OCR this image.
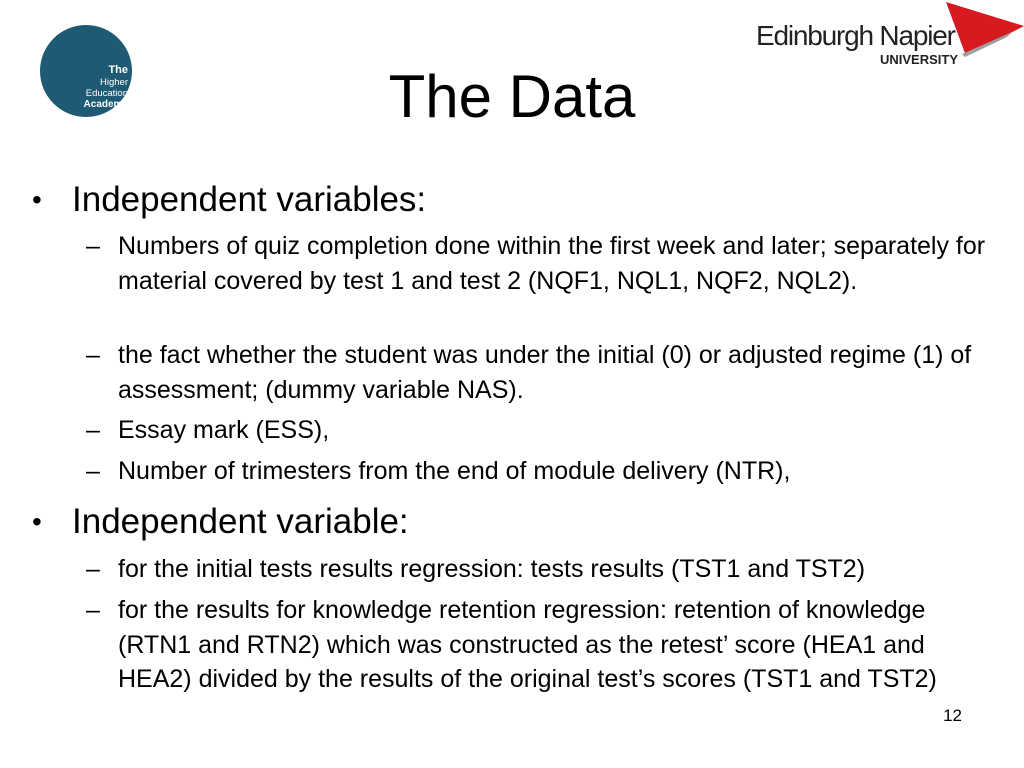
The
Higher
Education
Academy
Edinburgh Napier
UNIVERSITY
The Data
• Independent variables:
– Numbers of quiz completion done within the first week and later; separately for material covered by test 1 and test 2 (NQF1, NQL1, NQF2, NQL2).
– the fact whether the student was under the initial (0) or adjusted regime (1) of assessment; (dummy variable NAS).
– Essay mark (ESS),
– Number of trimesters from the end of module delivery (NTR),
• Independent variable:
– for the initial tests results regression: tests results (TST1 and TST2)
– for the results for knowledge retention regression: retention of knowledge (RTN1 and RTN2) which was constructed as the retest’ score (HEA1 and HEA2) divided by the results of the original test’s scores (TST1 and TST2)
12
